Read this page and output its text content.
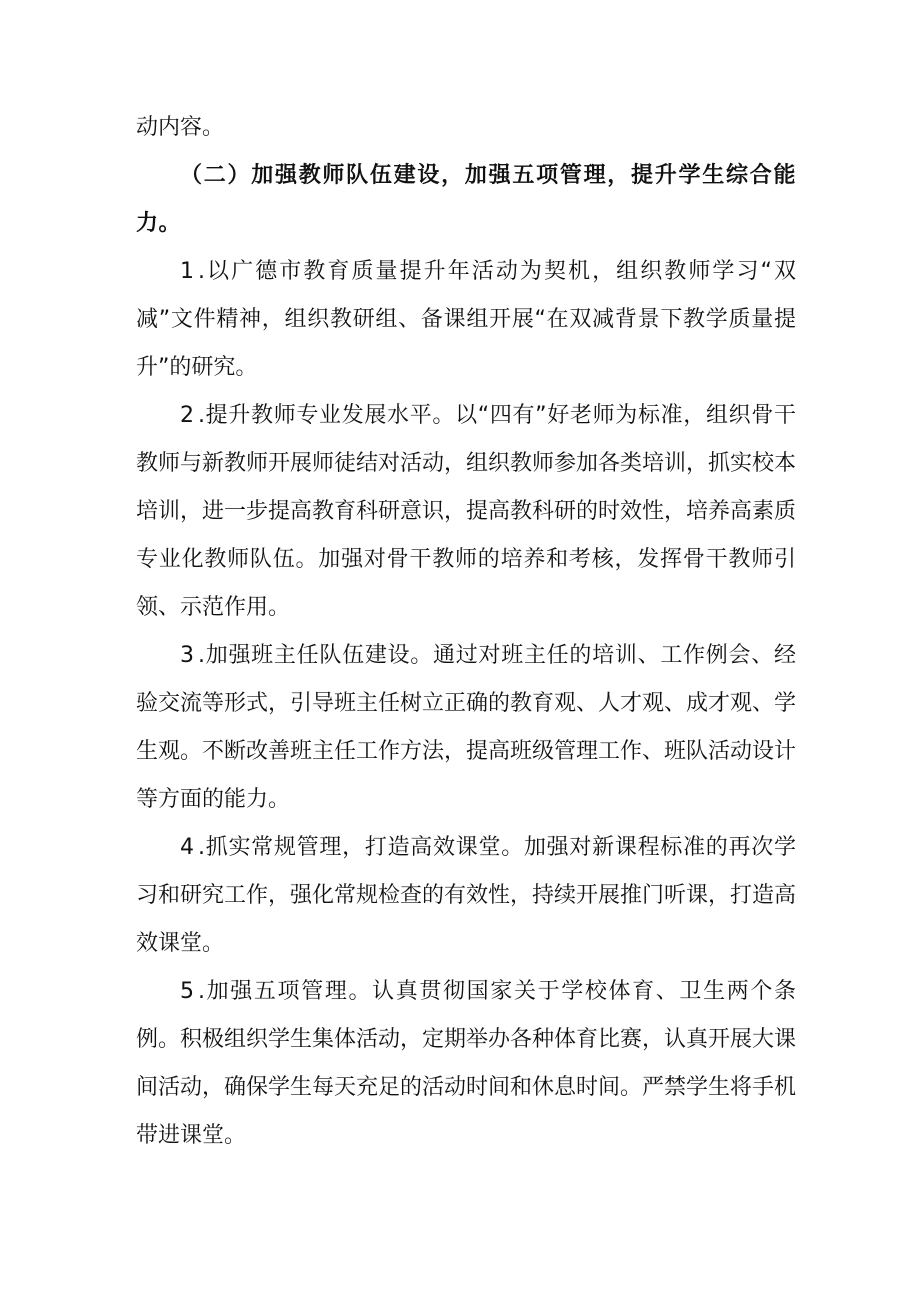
动内容。

（二）加强教师队伍建设，加强五项管理，提升学生综合能力。

1 .以广德市教育质量提升年活动为契机，组织教师学习“双减”文件精神，组织教研组、备课组开展“在双减背景下教学质量提升”的研究。

2 .提升教师专业发展水平。以“四有”好老师为标准，组织骨干教师与新教师开展师徒结对活动，组织教师参加各类培训，抓实校本培训，进一步提高教育科研意识，提高教科研的时效性，培养高素质专业化教师队伍。加强对骨干教师的培养和考核，发挥骨干教师引领、示范作用。

3 .加强班主任队伍建设。通过对班主任的培训、工作例会、经验交流等形式，引导班主任树立正确的教育观、人才观、成才观、学生观。不断改善班主任工作方法，提高班级管理工作、班队活动设计等方面的能力。

4 .抓实常规管理，打造高效课堂。加强对新课程标准的再次学习和研究工作，强化常规检查的有效性，持续开展推门听课，打造高效课堂。

5 .加强五项管理。认真贯彻国家关于学校体育、卫生两个条例。积极组织学生集体活动，定期举办各种体育比赛，认真开展大课间活动，确保学生每天充足的活动时间和休息时间。严禁学生将手机带进课堂。
